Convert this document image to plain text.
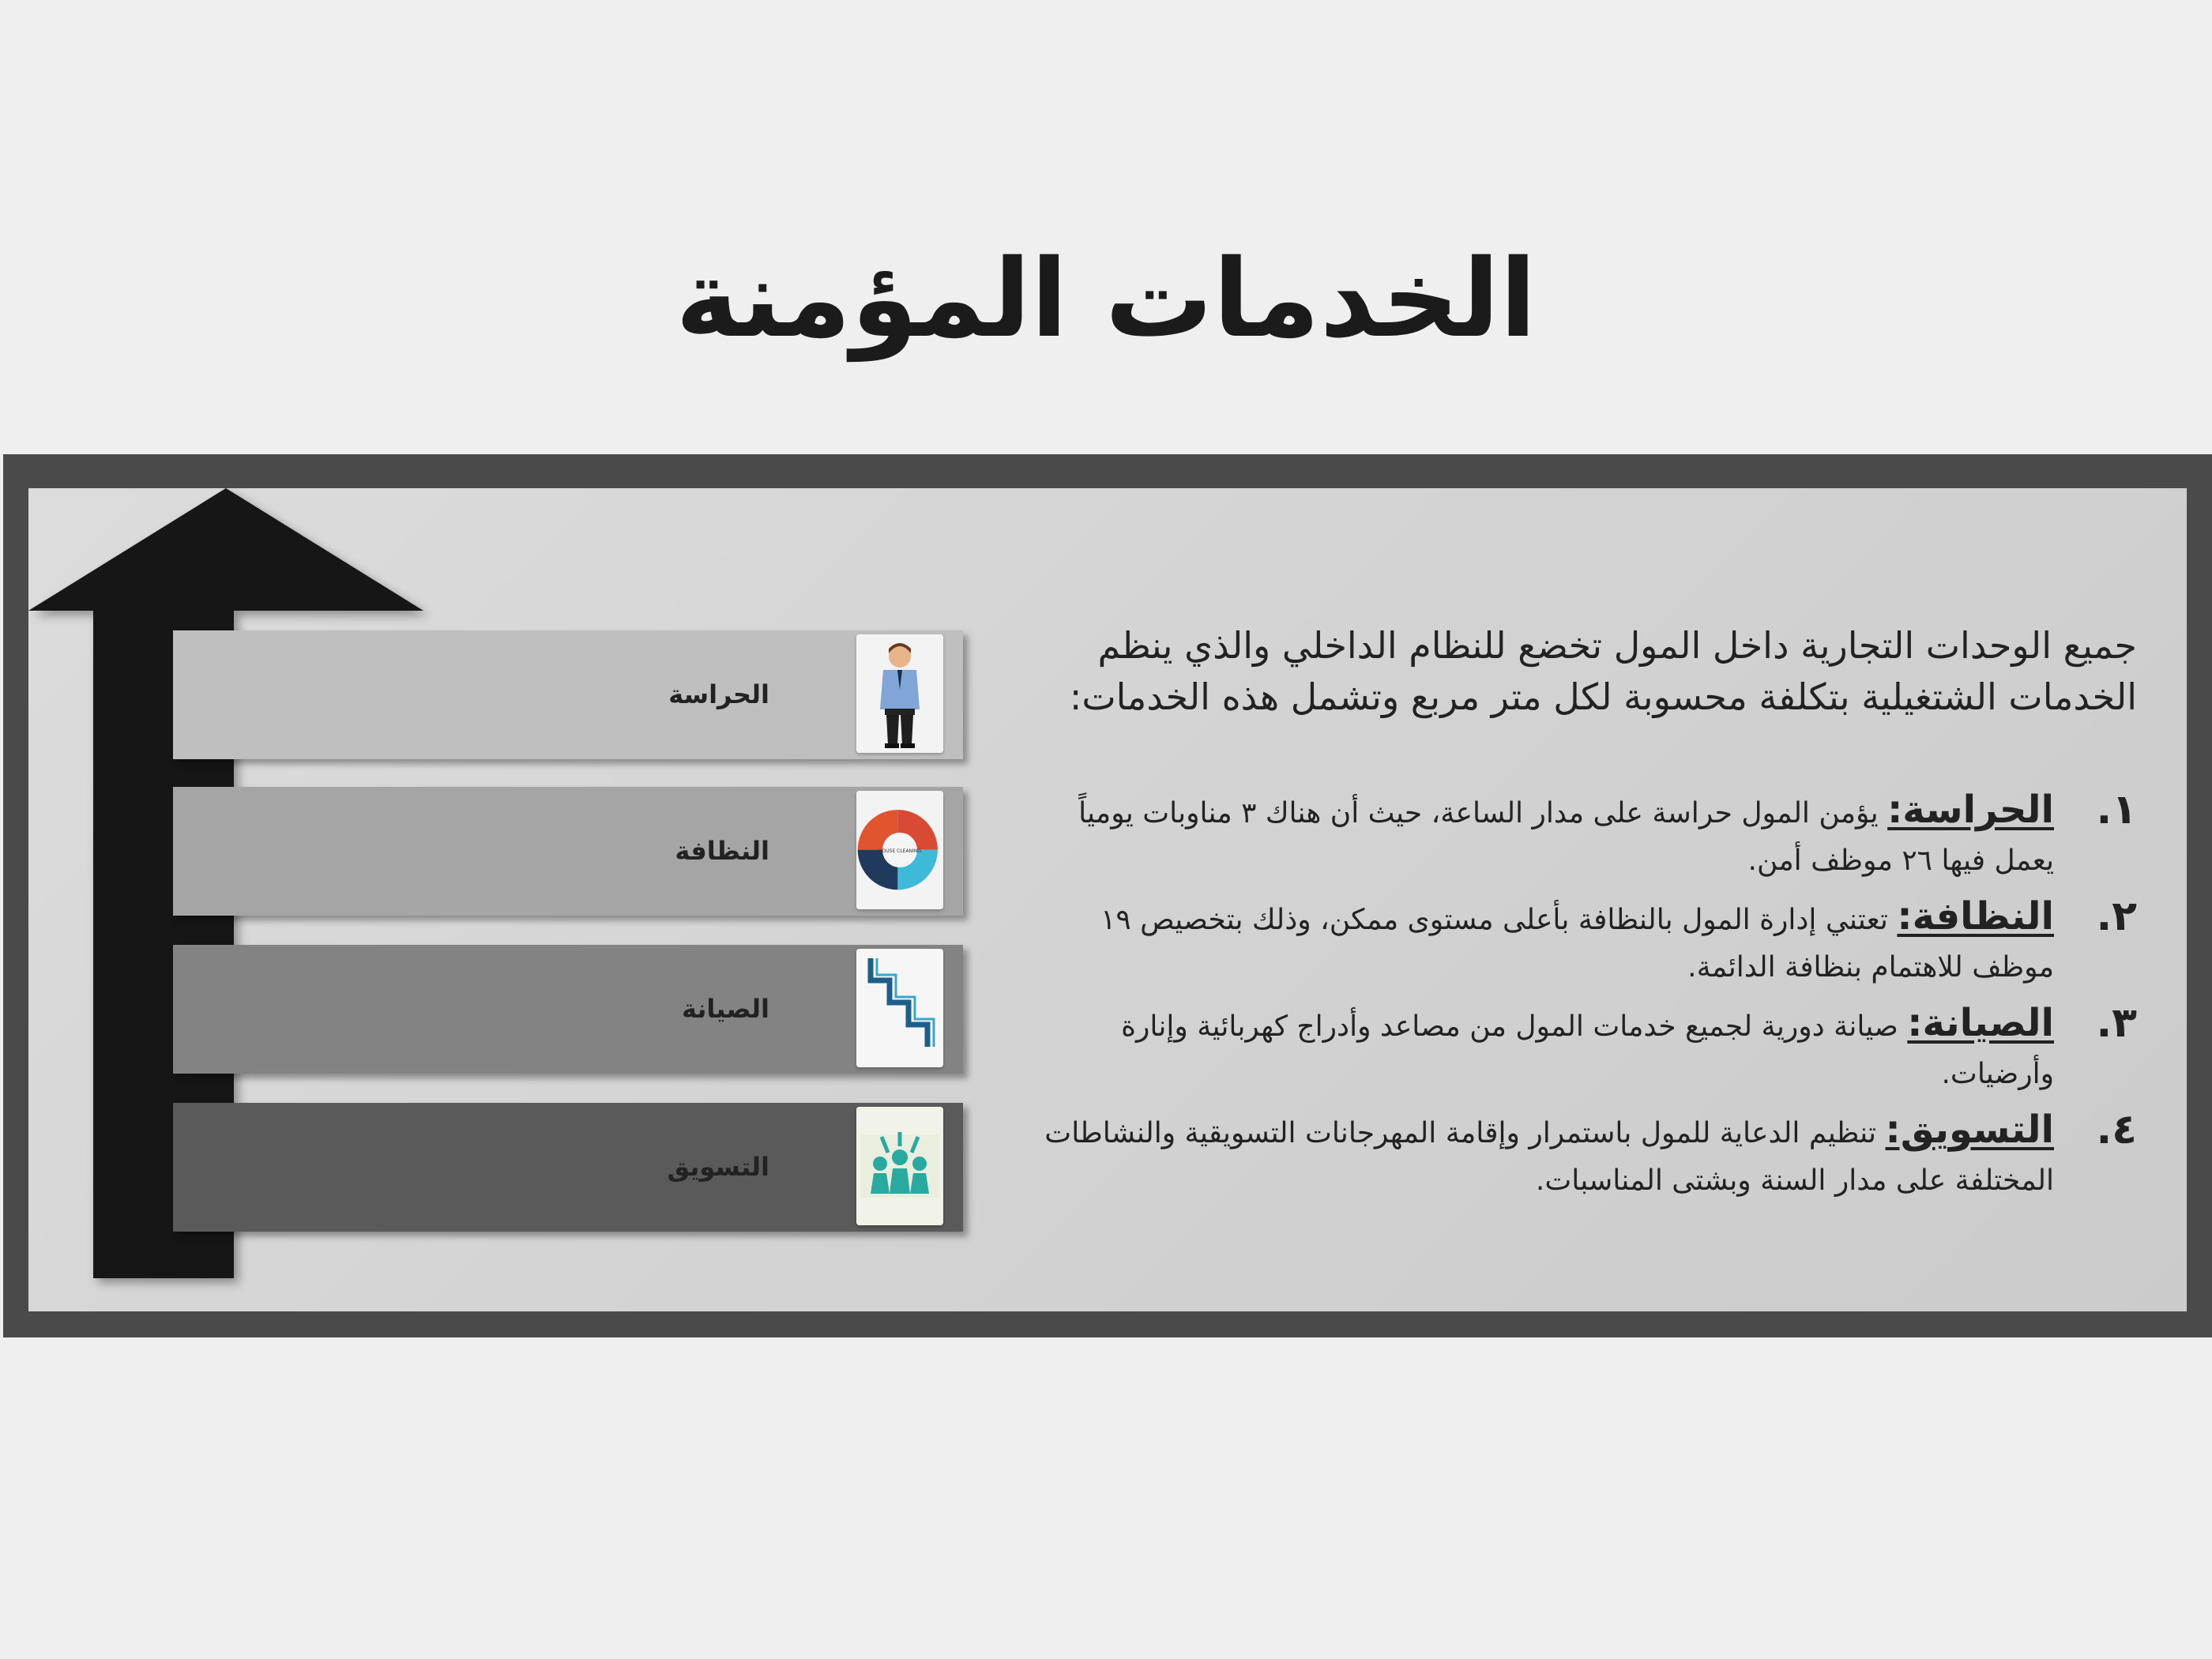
الخدمات المؤمنة
الحراسة
النظافة	HOUSE CLEANING
الصيانة
التسويق
جميع الوحدات التجارية داخل المول تخضع للنظام الداخلي والذي ينظم الخدمات الشتغيلية بتكلفة محسوبة لكل متر مربع وتشمل هذه الخدمات:
١.
الحراسة: يؤمن المول حراسة على مدار الساعة، حيث أن هناك ٣ مناوبات يومياً يعمل فيها ٢٦ موظف أمن.
٢.
النظافة: تعتني إدارة المول بالنظافة بأعلى مستوى ممكن، وذلك بتخصيص ١٩ موظف للاهتمام بنظافة الدائمة.
٣.
الصيانة: صيانة دورية لجميع خدمات المول من مصاعد وأدراج كهربائية وإنارة وأرضيات.
٤.
التسويق: تنظيم الدعاية للمول باستمرار وإقامة المهرجانات التسويقية والنشاطات المختلفة على مدار السنة وبشتى المناسبات.
